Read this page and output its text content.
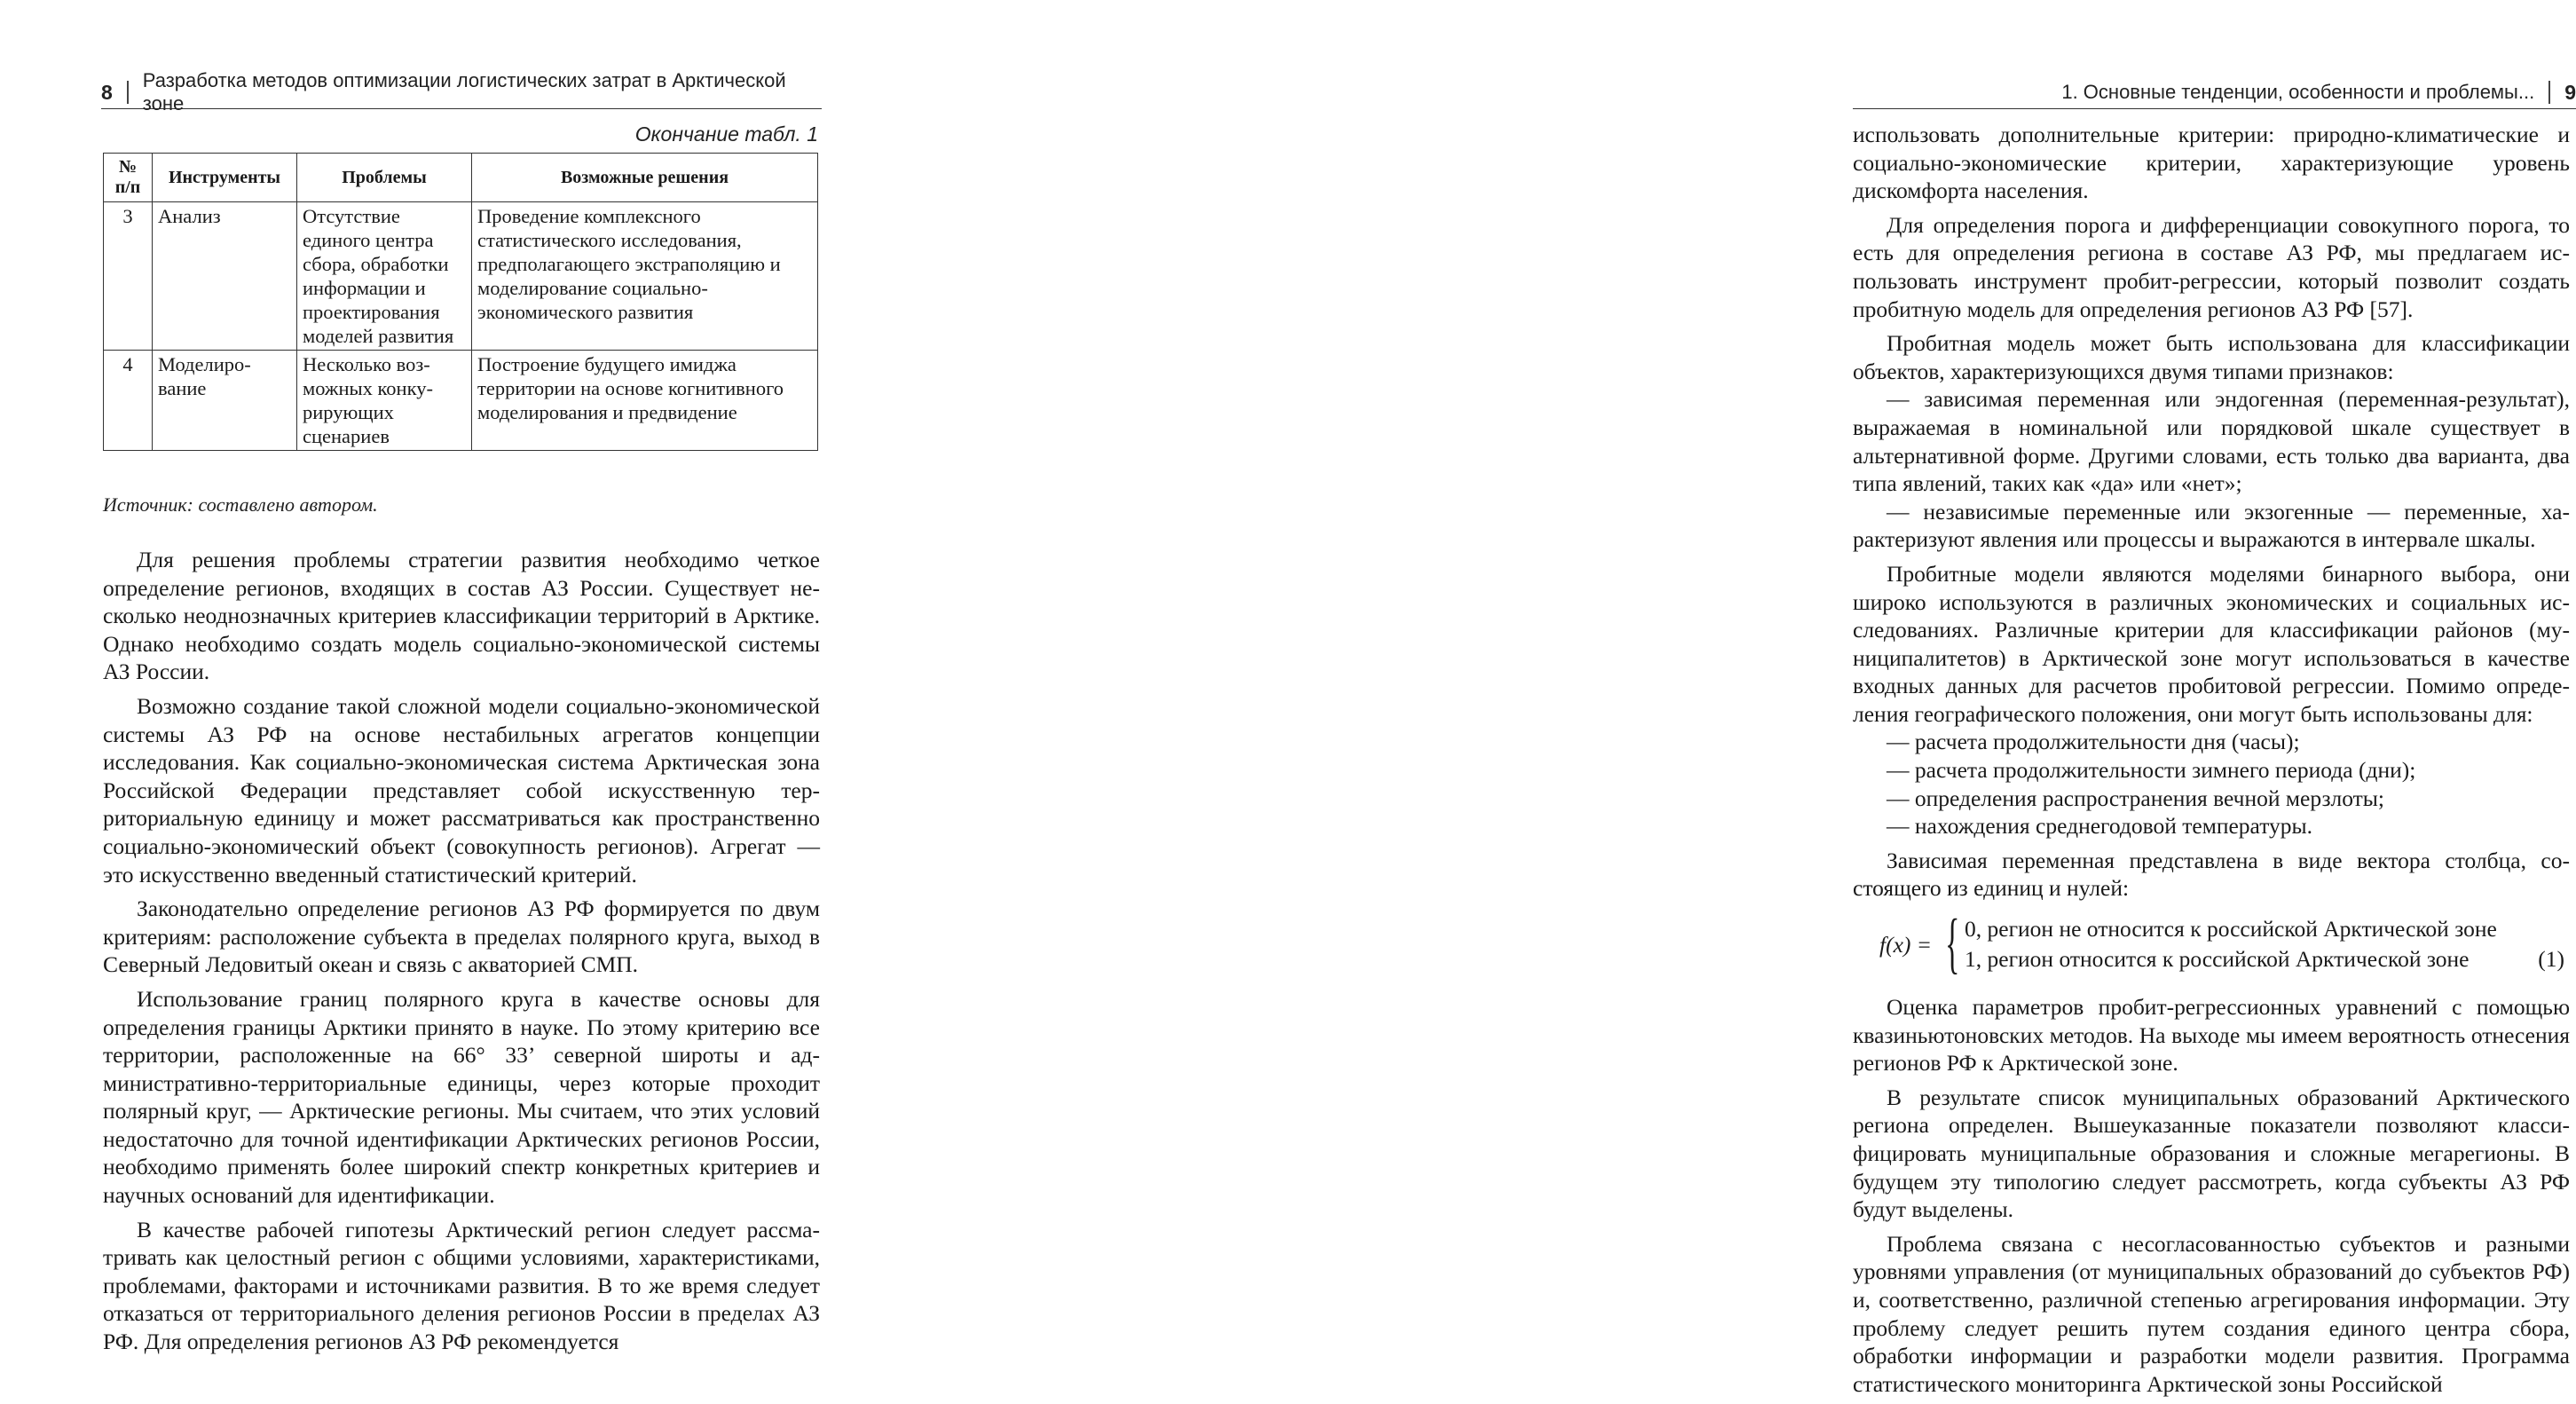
8 Разработка методов оптимизации логистических затрат в Арктической зоне
Окончание табл. 1
№ п/п	Инструменты	Проблемы	Возможные решения
3	Анализ	Отсутствие единого центра сбора, обработки информации и проектирования моделей развития	Проведение комплексного статистического исследования, предполагающего экстраполяцию и моделирование социально-экономического развития
4	Моделирование	Несколько возможных конкурирующих сценариев	Построение будущего имиджа территории на основе когнитивного моделирования и предвидение
Источник: составлено автором.

Для решения проблемы стратегии развития необходимо четкое определение регионов, входящих в состав АЗ России. Существует несколько неоднозначных критериев классификации территорий в Арктике. Однако необходимо создать модель социально-экономической системы АЗ России.

Возможно создание такой сложной модели социально-экономической системы АЗ РФ на основе нестабильных агрегатов концепции исследования. Как социально-экономическая система Арктическая зона Российской Федерации представляет собой искусственную территориальную единицу и может рассматриваться как пространственно социально-экономический объект (совокупность регионов). Агрегат — это искусственно введенный статистический критерий.

Законодательно определение регионов АЗ РФ формируется по двум критериям: расположение субъекта в пределах полярного круга, выход в Северный Ледовитый океан и связь с акваторией СМП.

Использование границ полярного круга в качестве основы для определения границы Арктики принято в науке. По этому критерию все территории, расположенные на 66° 33’ северной широты и административно-территориальные единицы, через которые проходит полярный круг, — Арктические регионы. Мы считаем, что этих условий недостаточно для точной идентификации Арктических регионов России, необходимо применять более широкий спектр конкретных критериев и научных оснований для идентификации.

В качестве рабочей гипотезы Арктический регион следует рассматривать как целостный регион с общими условиями, характеристиками, проблемами, факторами и источниками развития. В то же время следует отказаться от территориального деления регионов России в пределах АЗ РФ. Для определения регионов АЗ РФ рекомендуется

1. Основные тенденции, особенности и проблемы... 9

использовать дополнительные критерии: природно-климатические и социально-экономические критерии, характеризующие уровень дискомфорта населения.

Для определения порога и дифференциации совокупного порога, то есть для определения региона в составе АЗ РФ, мы предлагаем использовать инструмент пробит-регрессии, который позволит создать пробитную модель для определения регионов АЗ РФ [57].

Пробитная модель может быть использована для классификации объектов, характеризующихся двумя типами признаков:

— зависимая переменная или эндогенная (переменная-результат), выражаемая в номинальной или порядковой шкале существует в альтернативной форме. Другими словами, есть только два варианта, два типа явлений, таких как «да» или «нет»;

— независимые переменные или экзогенные — переменные, характеризуют явления или процессы и выражаются в интервале шкалы.

Пробитные модели являются моделями бинарного выбора, они широко используются в различных экономических и социальных исследованиях. Различные критерии для классификации районов (муниципалитетов) в Арктической зоне могут использоваться в качестве входных данных для расчетов пробитовой регрессии. Помимо определения географического положения, они могут быть использованы для:

— расчета продолжительности дня (часы);

— расчета продолжительности зимнего периода (дни);

— определения распространения вечной мерзлоты;

— нахождения среднегодовой температуры.

Зависимая переменная представлена в виде вектора столбца, состоящего из единиц и нулей:

f(x) = { 0, регион не относится к российской Арктической зоне
1, регион относится к российской Арктической зоне	(1)

Оценка параметров пробит-регрессионных уравнений с помощью квазиньютоновских методов. На выходе мы имеем вероятность отнесения регионов РФ к Арктической зоне.

В результате список муниципальных образований Арктического региона определен. Вышеуказанные показатели позволяют классифицировать муниципальные образования и сложные мегарегионы. В будущем эту типологию следует рассмотреть, когда субъекты АЗ РФ будут выделены.

Проблема связана с несогласованностью субъектов и разными уровнями управления (от муниципальных образований до субъектов РФ) и, соответственно, различной степенью агрегирования информации. Эту проблему следует решить путем создания единого центра сбора, обработки информации и разработки модели развития. Программа статистического мониторинга Арктической зоны Российской
